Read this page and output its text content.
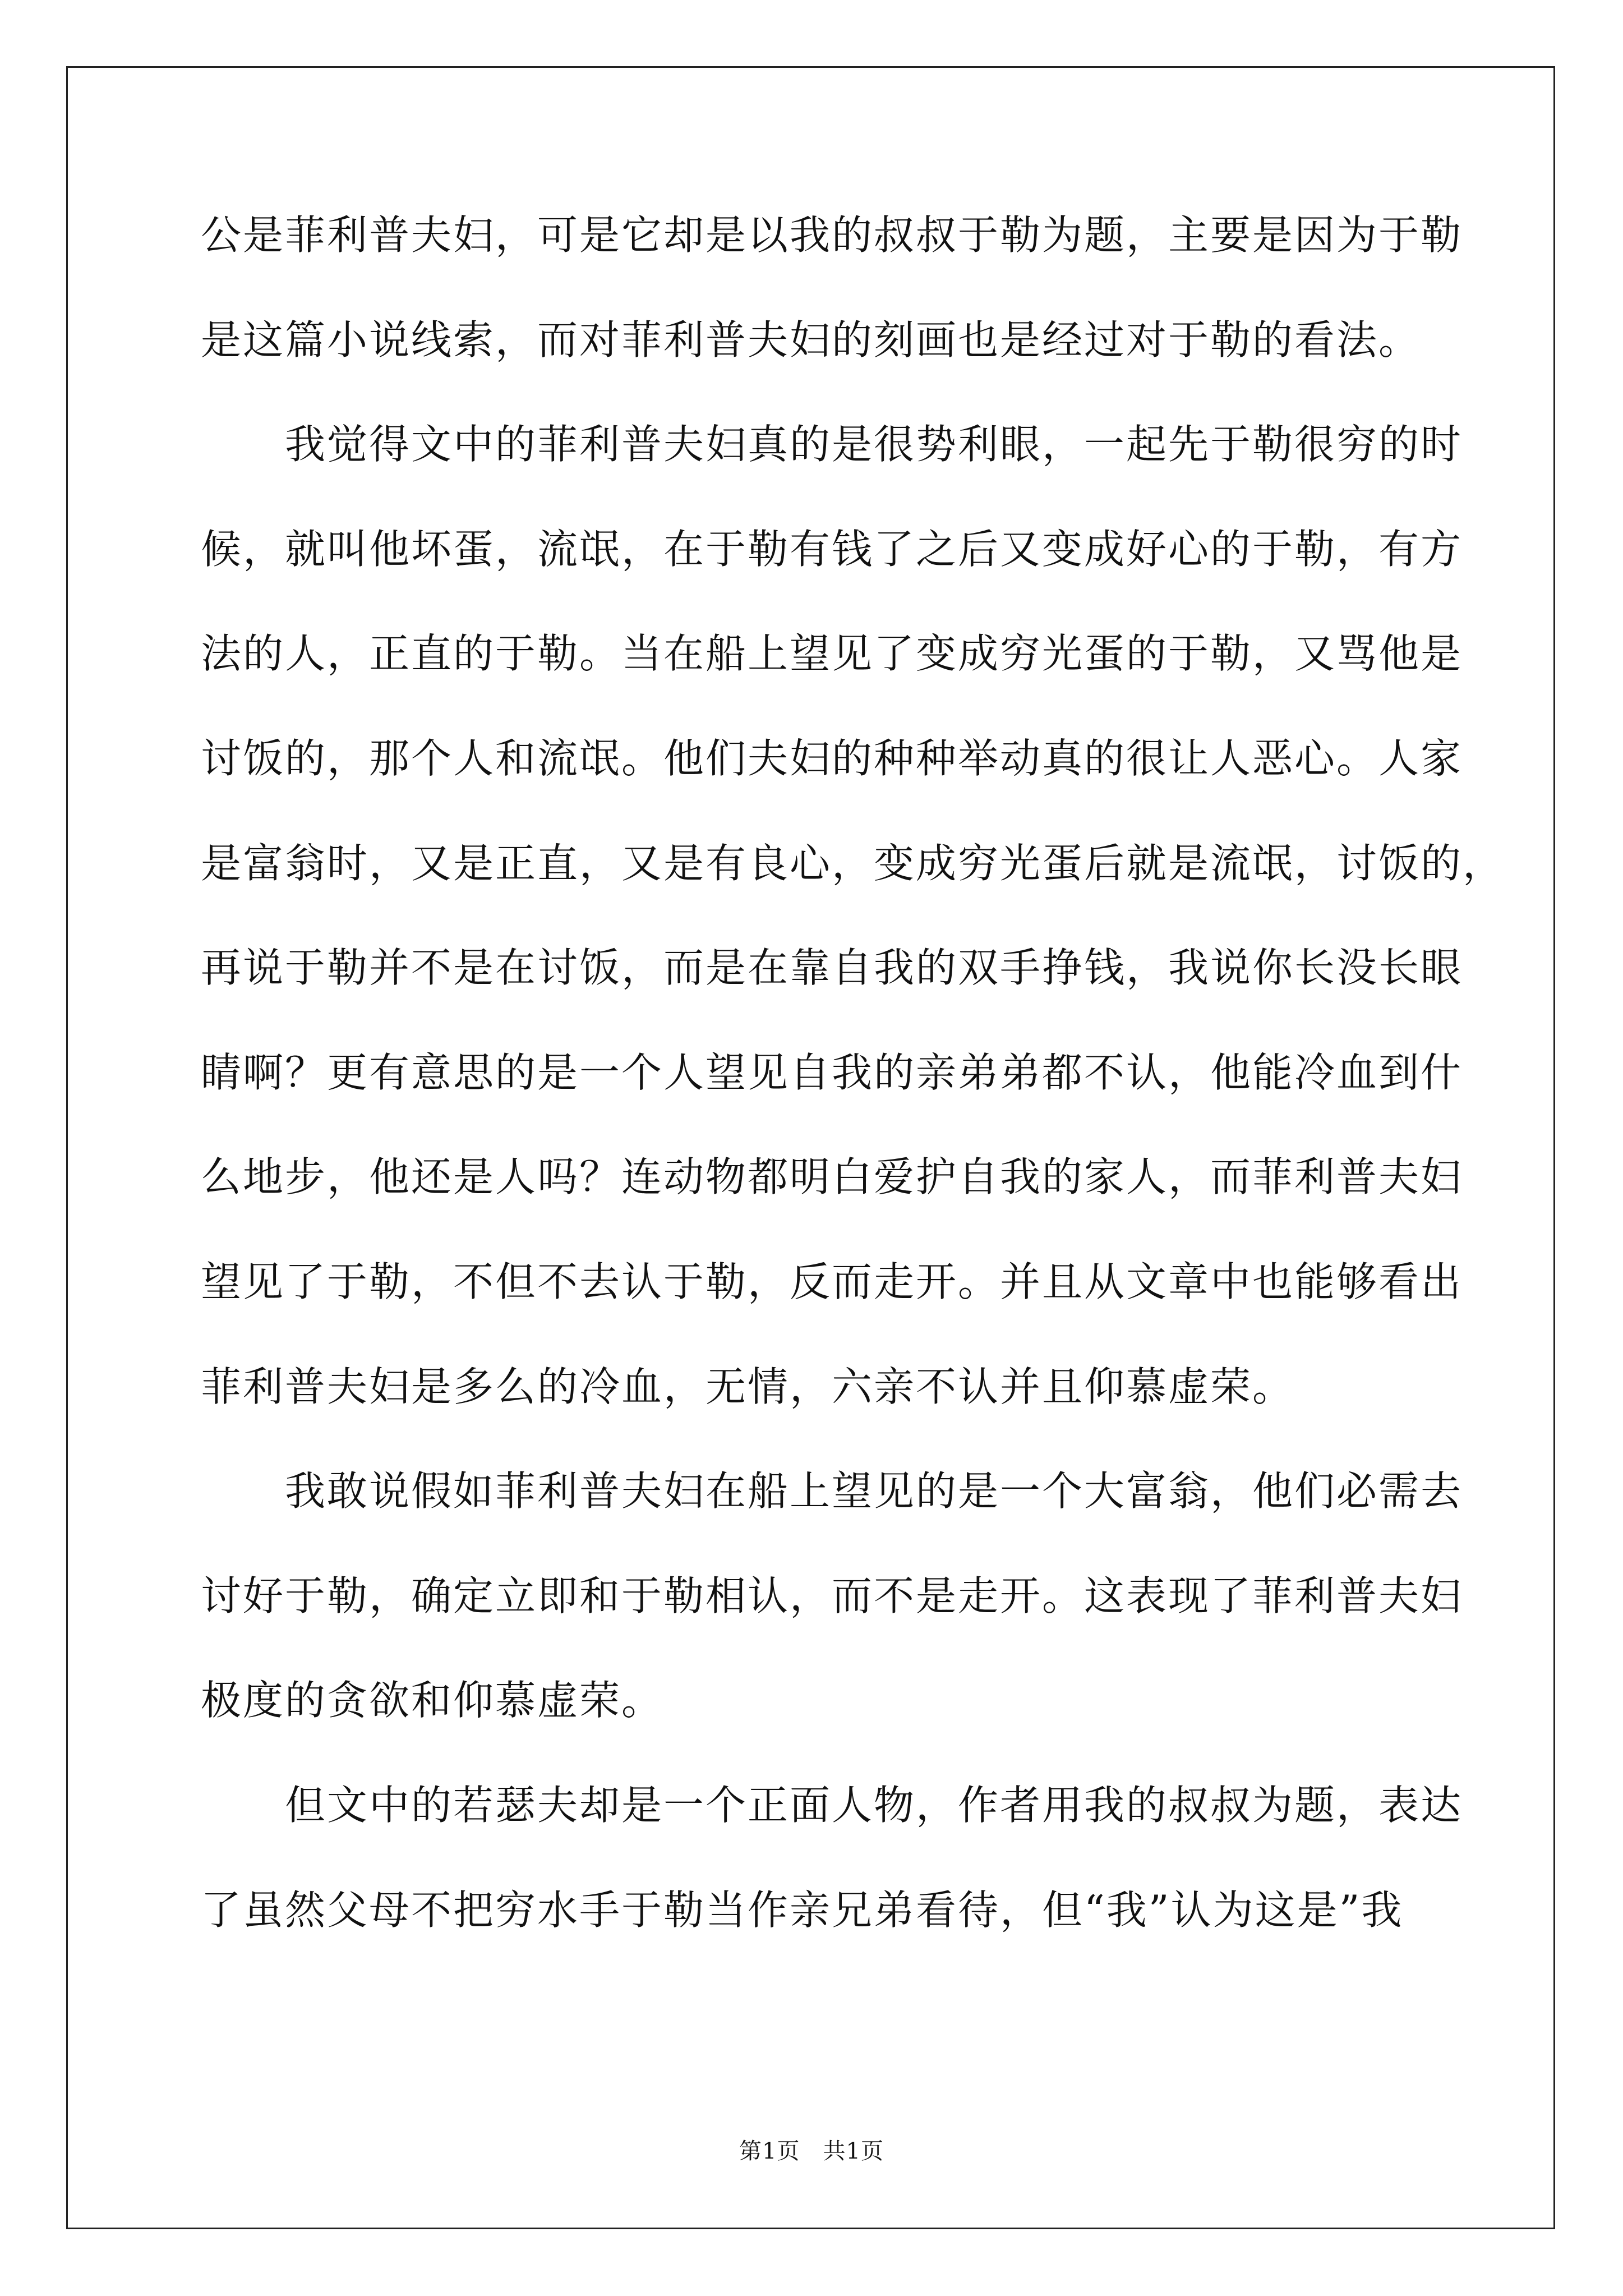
公是菲利普夫妇，可是它却是以我的叔叔于勒为题，主要是因为于勒
是这篇小说线索，而对菲利普夫妇的刻画也是经过对于勒的看法。
　　我觉得文中的菲利普夫妇真的是很势利眼，一起先于勒很穷的时
候，就叫他坏蛋，流氓，在于勒有钱了之后又变成好心的于勒，有方
法的人，正直的于勒。当在船上望见了变成穷光蛋的于勒，又骂他是
讨饭的，那个人和流氓。他们夫妇的种种举动真的很让人恶心。人家
是富翁时，又是正直，又是有良心，变成穷光蛋后就是流氓，讨饭的，
再说于勒并不是在讨饭，而是在靠自我的双手挣钱，我说你长没长眼
睛啊？更有意思的是一个人望见自我的亲弟弟都不认，他能冷血到什
么地步，他还是人吗？连动物都明白爱护自我的家人，而菲利普夫妇
望见了于勒，不但不去认于勒，反而走开。并且从文章中也能够看出
菲利普夫妇是多么的冷血，无情，六亲不认并且仰慕虚荣。
　　我敢说假如菲利普夫妇在船上望见的是一个大富翁，他们必需去
讨好于勒，确定立即和于勒相认，而不是走开。这表现了菲利普夫妇
极度的贪欲和仰慕虚荣。
　　但文中的若瑟夫却是一个正面人物，作者用我的叔叔为题，表达
了虽然父母不把穷水手于勒当作亲兄弟看待，但“我”认为这是”我
第1页　共1页
